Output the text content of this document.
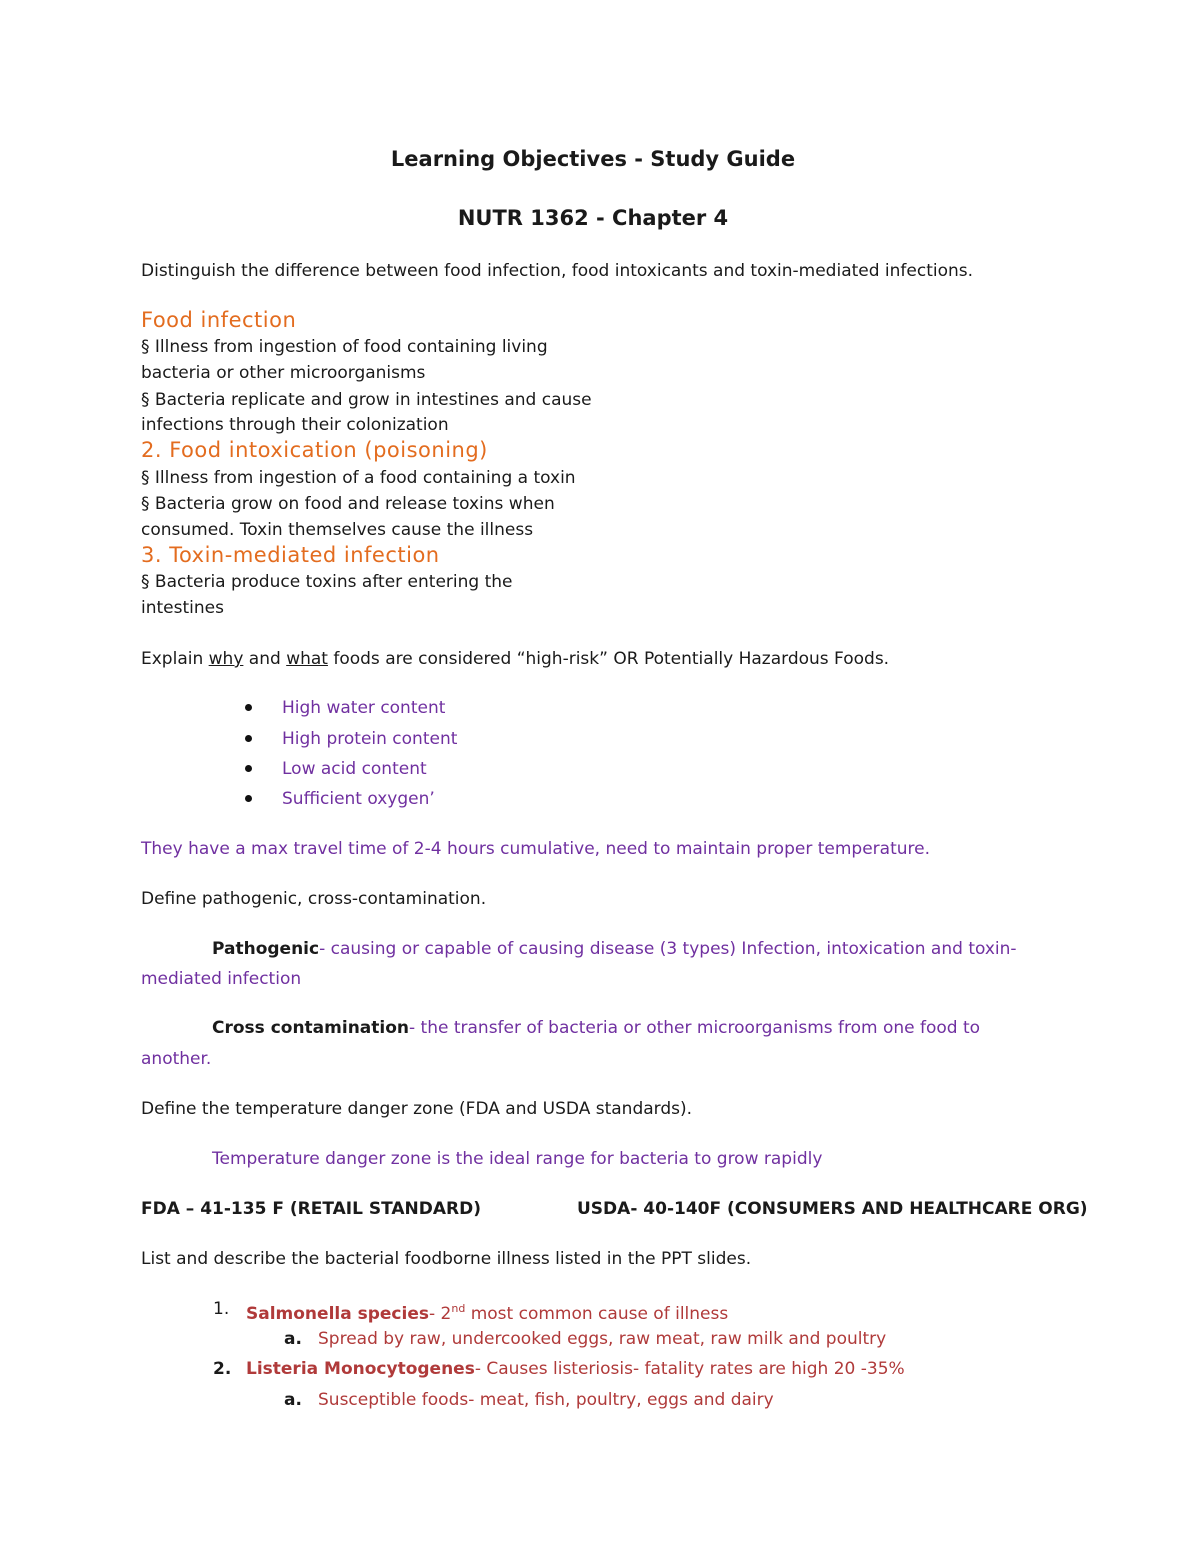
Learning Objectives - Study Guide
NUTR 1362 - Chapter 4
Distinguish the difference between food infection, food intoxicants and toxin-mediated infections.
Food infection
§ Illness from ingestion of food containing living
bacteria or other microorganisms
§ Bacteria replicate and grow in intestines and cause
infections through their colonization
2. Food intoxication (poisoning)
§ Illness from ingestion of a food containing a toxin
§ Bacteria grow on food and release toxins when
consumed. Toxin themselves cause the illness
3. Toxin-mediated infection
§ Bacteria produce toxins after entering the
intestines
Explain why and what foods are considered “high-risk” OR Potentially Hazardous Foods.
High water content
High protein content
Low acid content
Sufficient oxygen’
They have a max travel time of 2-4 hours cumulative, need to maintain proper temperature.
Define pathogenic, cross-contamination.
Pathogenic- causing or capable of causing disease (3 types) Infection, intoxication and toxin-
mediated infection
Cross contamination- the transfer of bacteria or other microorganisms from one food to
another.
Define the temperature danger zone (FDA and USDA standards).
Temperature danger zone is the ideal range for bacteria to grow rapidly
FDA – 41-135 F (RETAIL STANDARD)	USDA- 40-140F (CONSUMERS AND HEALTHCARE ORG)
List and describe the bacterial foodborne illness listed in the PPT slides.
1. Salmonella species- 2nd most common cause of illness
a. Spread by raw, undercooked eggs, raw meat, raw milk and poultry
2. Listeria Monocytogenes- Causes listeriosis- fatality rates are high 20 -35%
a. Susceptible foods- meat, fish, poultry, eggs and dairy
